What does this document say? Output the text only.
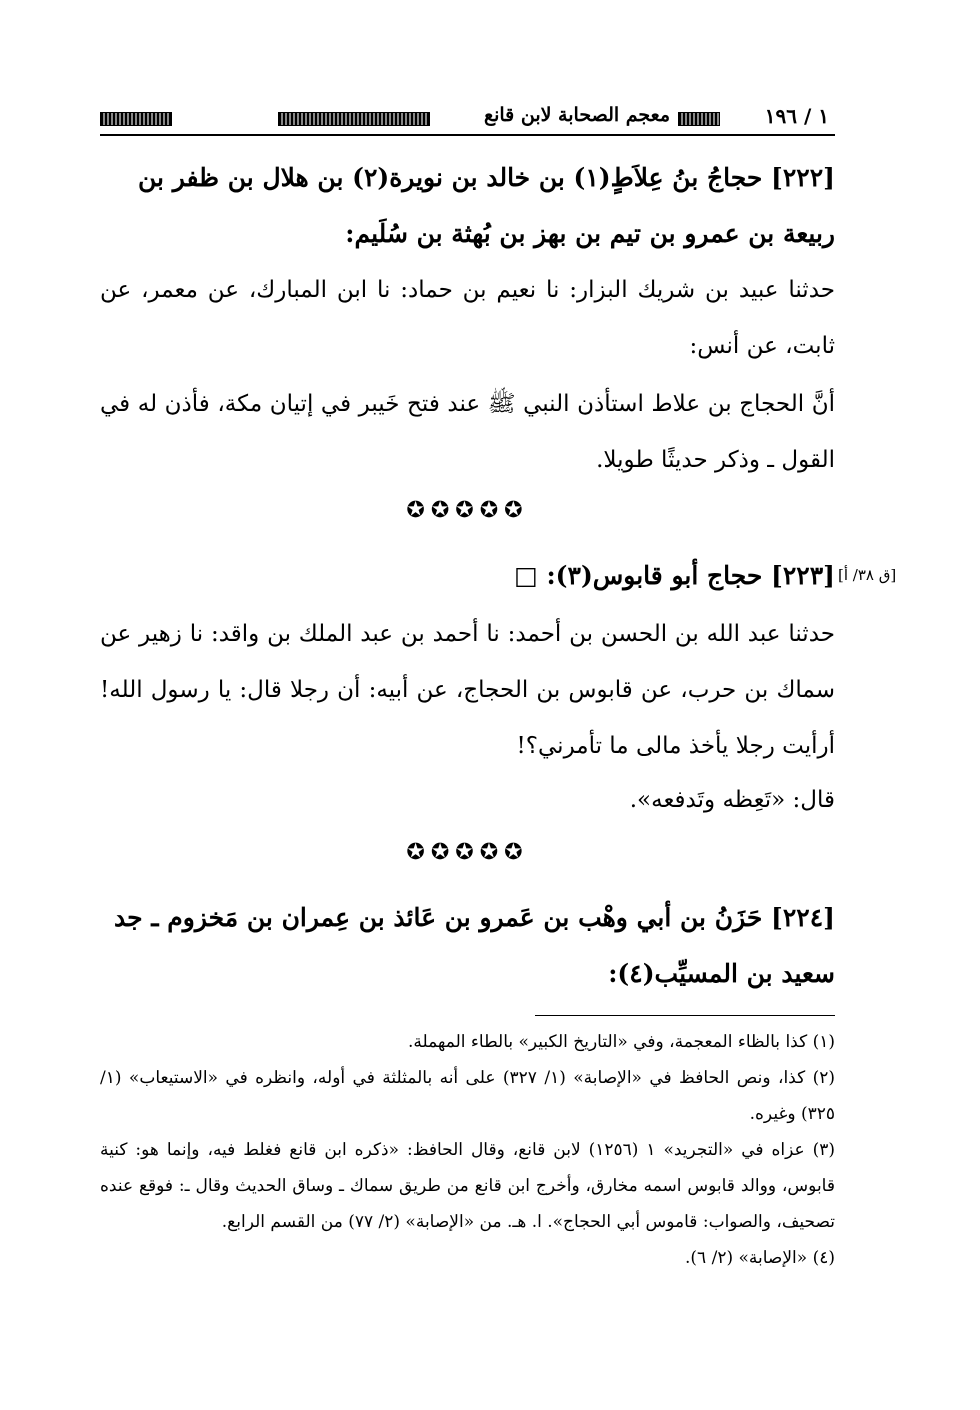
١ / ١٩٦
معجم الصحابة لابن قانع
[٢٢٢] حجاجُ بنُ عِلاَطٍ(١) بن خالد بن نويرة(٢) بن هلال بن ظفر بن ربيعة بن عمرو بن تيم بن بهز بن بُهثة بن سُلَيم:
حدثنا عبيد بن شريك البزار: نا نعيم بن حماد: نا ابن المبارك، عن معمر، عن ثابت، عن أنس:
أنَّ الحجاج بن علاط استأذن النبي ﷺ عند فتح خَيبر في إتيان مكة، فأذن له في القول ـ وذكر حديثًا طويلا.
✪✪✪✪✪
[٢٢٣] حجاج أبو قابوس(٣): □
حدثنا عبد الله بن الحسن بن أحمد: نا أحمد بن عبد الملك بن واقد: نا زهير عن سماك بن حرب، عن قابوس بن الحجاج، عن أبيه: أن رجلا قال: يا رسول الله! أرأيت رجلا يأخذ مالى ما تأمرني؟!
قال: «تَعِظه وتَدفعه».
✪✪✪✪✪
[٢٢٤] حَزَنُ بن أبي وهْب بن عَمرو بن عَائذ بن عِمران بن مَخزوم ـ جد سعيد بن المسيِّب(٤):

(١) كذا بالظاء المعجمة، وفي «التاريخ الكبير» بالطاء المهملة.

(٢) كذا، ونص الحافظ في «الإصابة» (١/ ٣٢٧) على أنه بالمثلثة في أوله، وانظره في «الاستيعاب» (١/ ٣٢٥) وغيره.

(٣) عزاه في «التجريد» ١ (١٢٥٦) لابن قانع، وقال الحافظ: «ذكره ابن قانع فغلط فيه، وإنما هو: كنية قابوس، ووالد قابوس اسمه مخارق، وأخرج ابن قانع من طريق سماك ـ وساق الحديث وقال ـ: فوقع عنده تصحيف، والصواب: قاموس أبي الحجاج». ا. هـ. من «الإصابة» (٢/ ٧٧) من القسم الرابع.

(٤) «الإصابة» (٢/ ٦).

[ق ٣٨/ أ]
